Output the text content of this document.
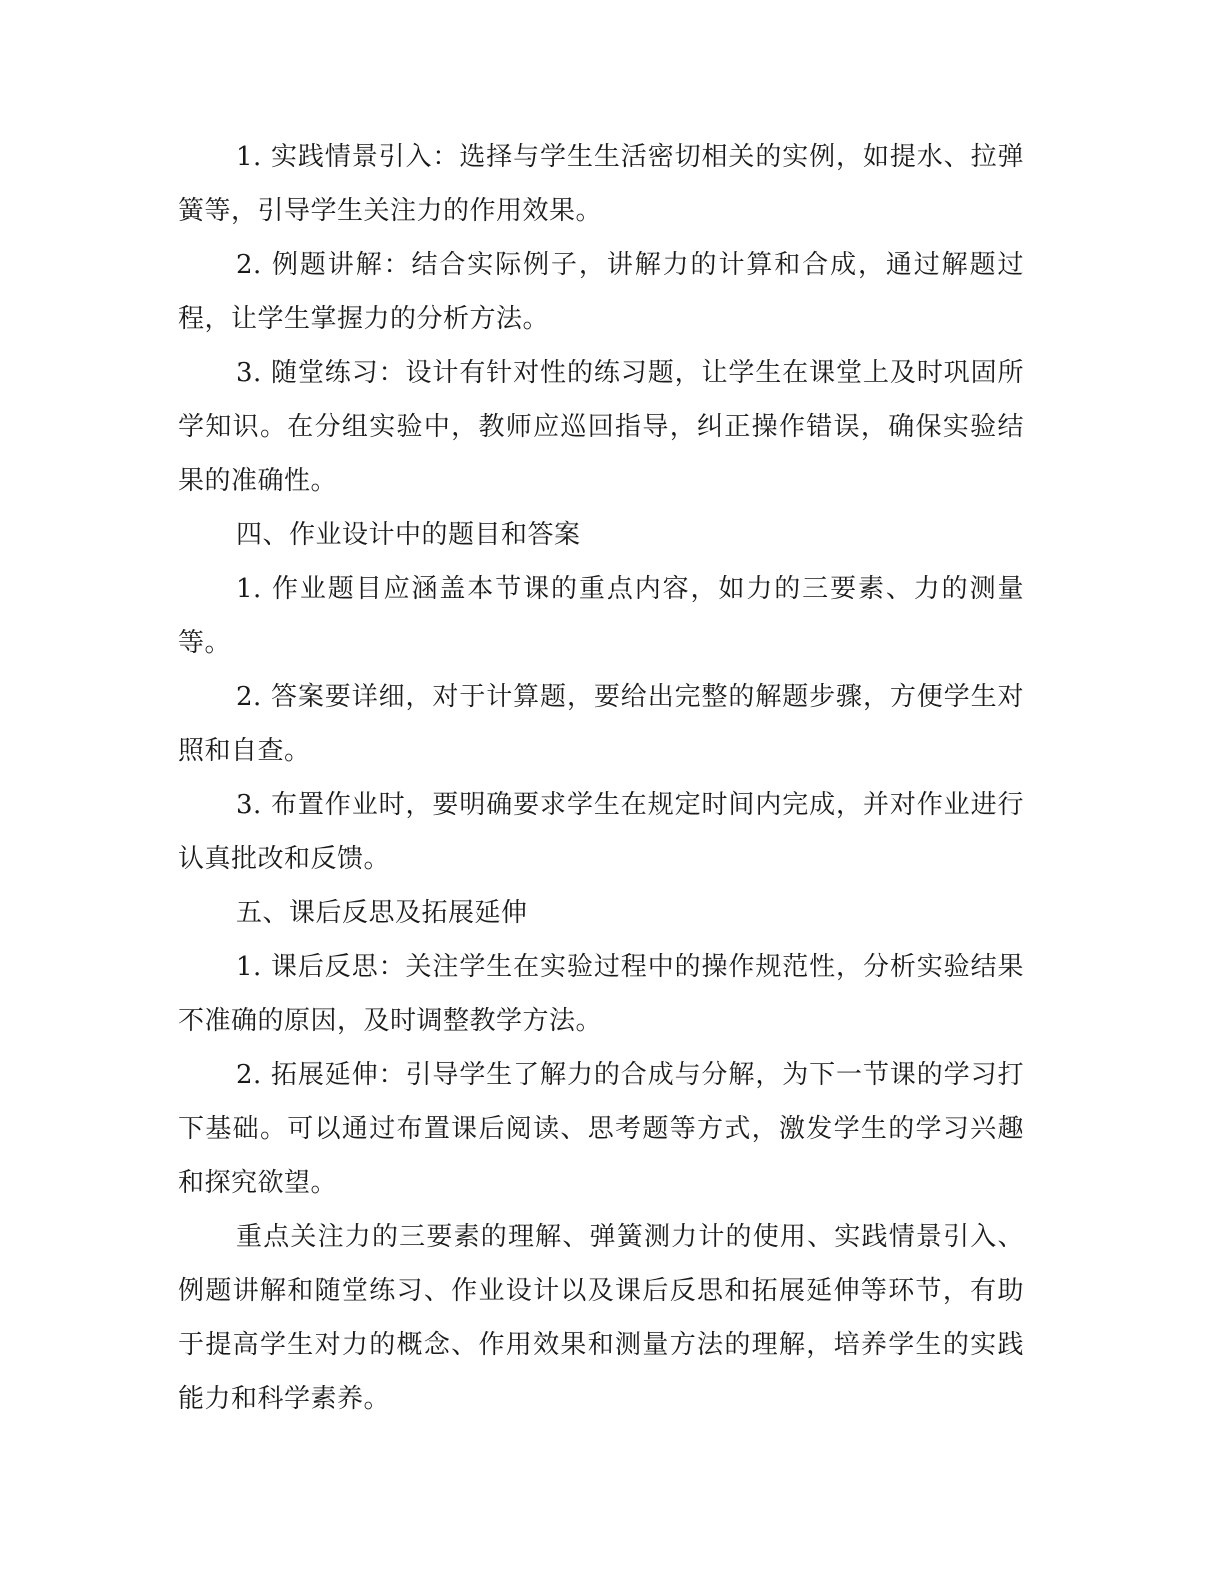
1. 实践情景引入：选择与学生生活密切相关的实例，如提水、拉弹簧等，引导学生关注力的作用效果。

2. 例题讲解：结合实际例子，讲解力的计算和合成，通过解题过程，让学生掌握力的分析方法。

3. 随堂练习：设计有针对性的练习题，让学生在课堂上及时巩固所学知识。在分组实验中，教师应巡回指导，纠正操作错误，确保实验结果的准确性。

四、作业设计中的题目和答案

1. 作业题目应涵盖本节课的重点内容，如力的三要素、力的测量等。

2. 答案要详细，对于计算题，要给出完整的解题步骤，方便学生对照和自查。

3. 布置作业时，要明确要求学生在规定时间内完成，并对作业进行认真批改和反馈。

五、课后反思及拓展延伸

1. 课后反思：关注学生在实验过程中的操作规范性，分析实验结果不准确的原因，及时调整教学方法。

2. 拓展延伸：引导学生了解力的合成与分解，为下一节课的学习打下基础。可以通过布置课后阅读、思考题等方式，激发学生的学习兴趣和探究欲望。

重点关注力的三要素的理解、弹簧测力计的使用、实践情景引入、例题讲解和随堂练习、作业设计以及课后反思和拓展延伸等环节，有助于提高学生对力的概念、作用效果和测量方法的理解，培养学生的实践能力和科学素养。
